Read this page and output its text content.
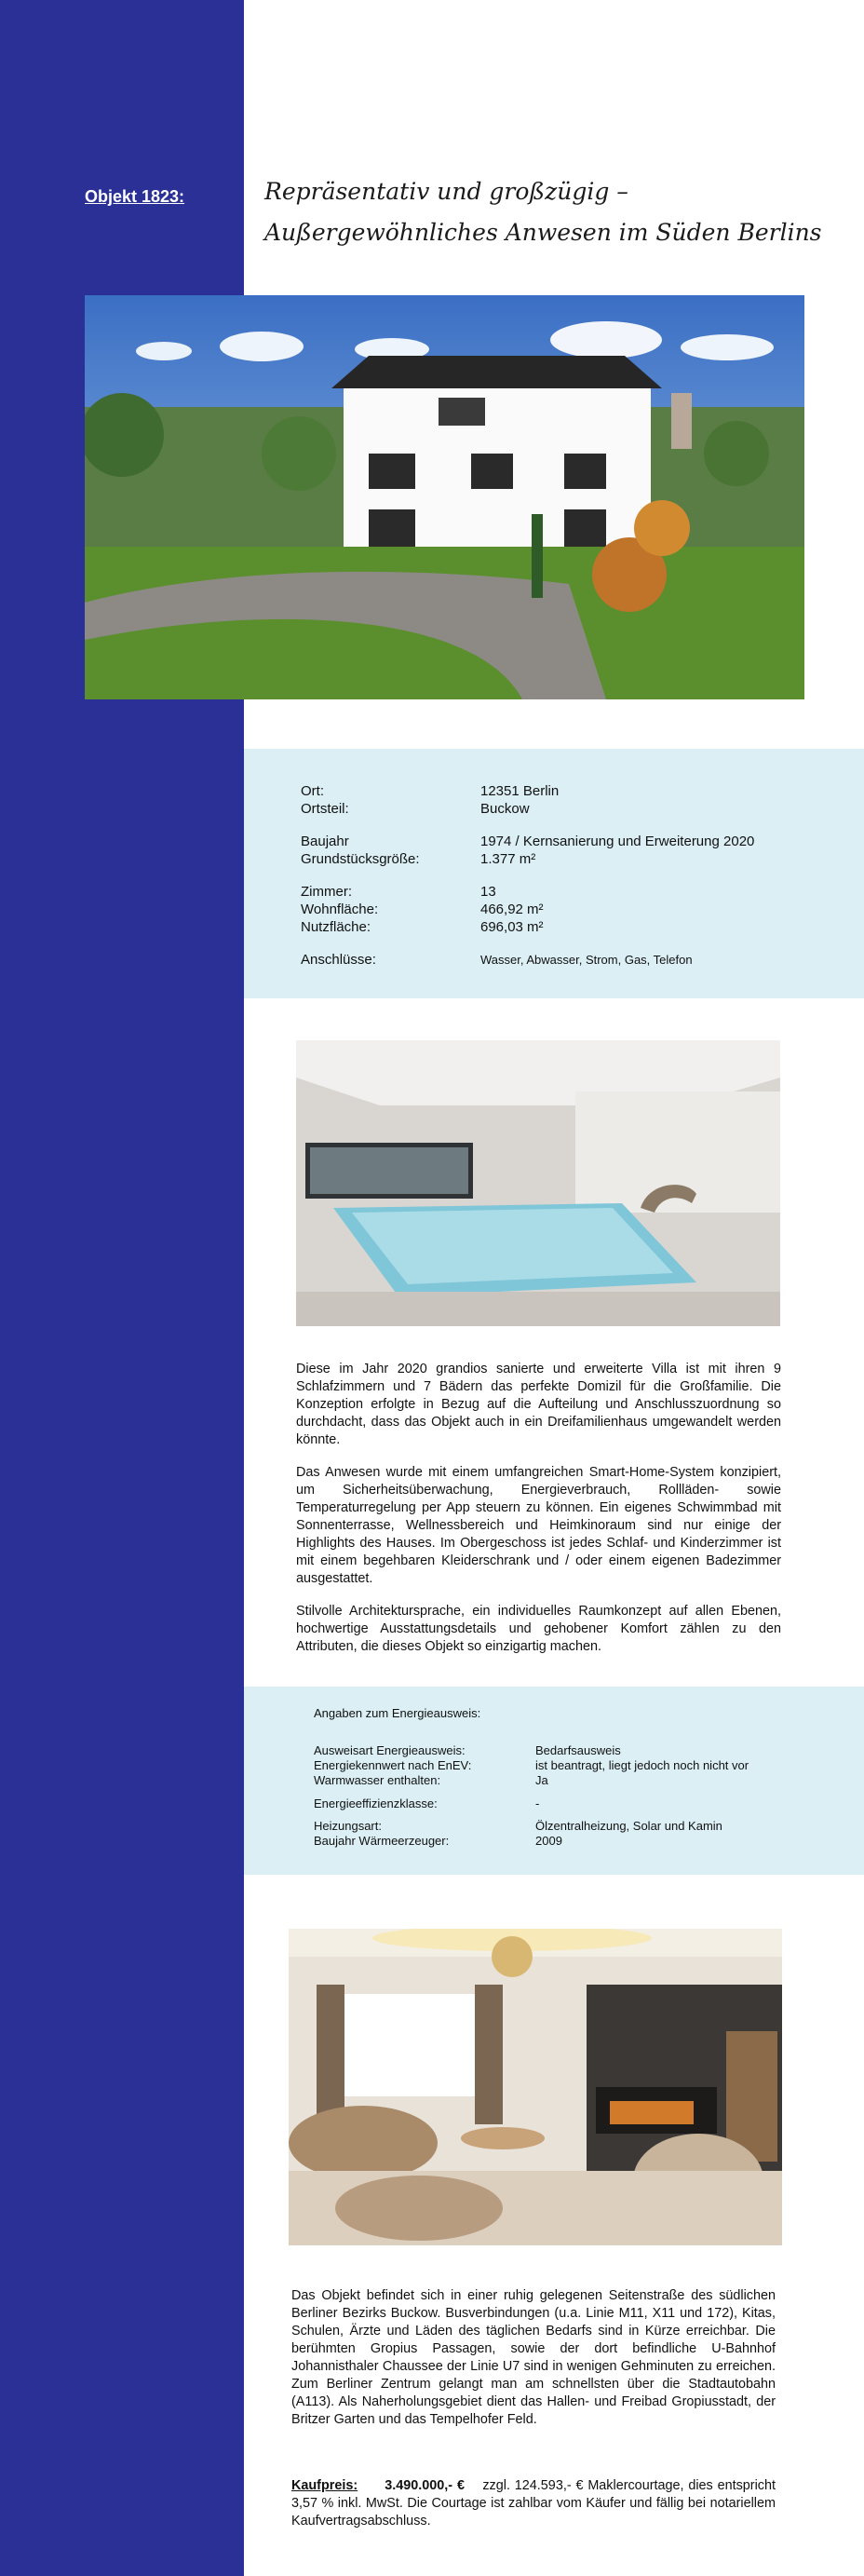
Objekt 1823:	Repräsentativ und großzügig –
Außergewöhnliches Anwesen im Süden Berlins
Ort:	12351 Berlin
Ortsteil:	Buckow
Baujahr	1974 / Kernsanierung und Erweiterung 2020
Grundstücksgröße:	1.377 m²
Zimmer:	13
Wohnfläche:	466,92 m²
Nutzfläche:	696,03 m²
Anschlüsse:	Wasser, Abwasser, Strom, Gas, Telefon

Diese im Jahr 2020 grandios sanierte und erweiterte Villa ist mit ihren 9 Schlafzimmern und 7 Bädern das perfekte Domizil für die Großfamilie. Die Konzeption erfolgte in Bezug auf die Aufteilung und Anschlusszuordnung so durchdacht, dass das Objekt auch in ein Dreifamilienhaus umgewandelt werden könnte.

Das Anwesen wurde mit einem umfangreichen Smart-Home-System konzipiert, um Sicherheitsüberwachung, Energieverbrauch, Rollläden- sowie Temperaturregelung per App steuern zu können. Ein eigenes Schwimmbad mit Sonnenterrasse, Wellnessbereich und Heimkinoraum sind nur einige der Highlights des Hauses. Im Obergeschoss ist jedes Schlaf- und Kinderzimmer ist mit einem begehbaren Kleiderschrank und / oder einem eigenen Badezimmer ausgestattet.

Stilvolle Architektursprache, ein individuelles Raumkonzept auf allen Ebenen, hochwertige Ausstattungsdetails und gehobener Komfort zählen zu den Attributen, die dieses Objekt so einzigartig machen.

Angaben zum Energieausweis:
Ausweisart Energieausweis:	Bedarfsausweis
Energiekennwert nach EnEV:	ist beantragt, liegt jedoch noch nicht vor
Warmwasser enthalten:	Ja
Energieeffizienzklasse:	-
Heizungsart:	Ölzentralheizung, Solar und Kamin
Baujahr Wärmeerzeuger:	2009

Das Objekt befindet sich in einer ruhig gelegenen Seitenstraße des südlichen Berliner Bezirks Buckow. Busverbindungen (u.a. Linie M11, X11 und 172), Kitas, Schulen, Ärzte und Läden des täglichen Bedarfs sind in Kürze erreichbar. Die berühmten Gropius Passagen, sowie der dort befindliche U-Bahnhof Johannisthaler Chaussee der Linie U7 sind in wenigen Gehminuten zu erreichen. Zum Berliner Zentrum gelangt man am schnellsten über die Stadtautobahn (A113). Als Naherholungsgebiet dient das Hallen- und Freibad Gropiusstadt, der Britzer Garten und das Tempelhofer Feld.

Kaufpreis: 3.490.000,- € zzgl. 124.593,- € Maklercourtage, dies entspricht 3,57 % inkl. MwSt. Die Courtage ist zahlbar vom Käufer und fällig bei notariellem Kaufvertragsabschluss.
